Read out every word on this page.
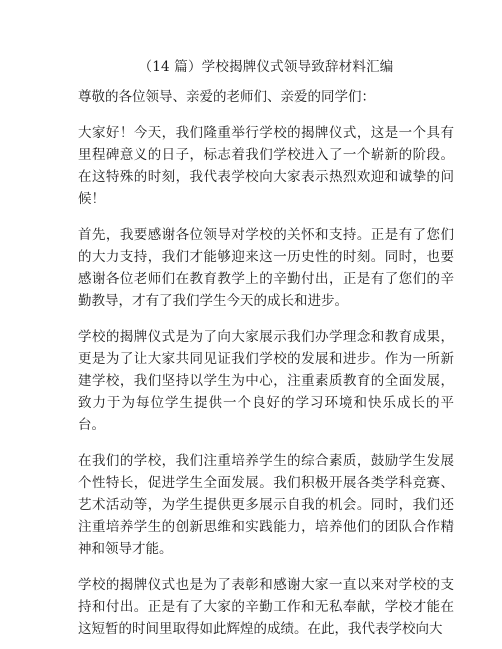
（14 篇）学校揭牌仪式领导致辞材料汇编

尊敬的各位领导、亲爱的老师们、亲爱的同学们：

大家好！今天，我们隆重举行学校的揭牌仪式，这是一个具有里程碑意义的日子，标志着我们学校进入了一个崭新的阶段。在这特殊的时刻，我代表学校向大家表示热烈欢迎和诚挚的问候！

首先，我要感谢各位领导对学校的关怀和支持。正是有了您们的大力支持，我们才能够迎来这一历史性的时刻。同时，也要感谢各位老师们在教育教学上的辛勤付出，正是有了您们的辛勤教导，才有了我们学生今天的成长和进步。

学校的揭牌仪式是为了向大家展示我们办学理念和教育成果，更是为了让大家共同见证我们学校的发展和进步。作为一所新建学校，我们坚持以学生为中心，注重素质教育的全面发展，致力于为每位学生提供一个良好的学习环境和快乐成长的平台。

在我们的学校，我们注重培养学生的综合素质，鼓励学生发展个性特长，促进学生全面发展。我们积极开展各类学科竞赛、艺术活动等，为学生提供更多展示自我的机会。同时，我们还注重培养学生的创新思维和实践能力，培养他们的团队合作精神和领导才能。

学校的揭牌仪式也是为了表彰和感谢大家一直以来对学校的支持和付出。正是有了大家的辛勤工作和无私奉献，学校才能在这短暂的时间里取得如此辉煌的成绩。在此，我代表学校向大
